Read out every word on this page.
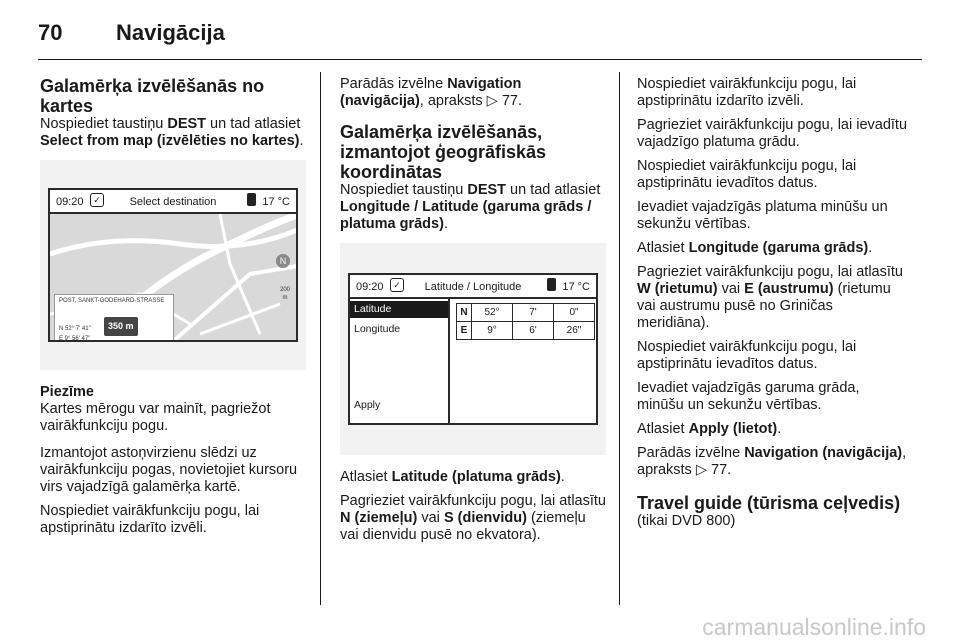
70 Navigācija
Galamērķa izvēlēšanās no kartes

Nospiediet taustiņu DEST un tad atlasiet Select from map (izvēlēties no kartes).

09:20	✓	Select destination	17 °C
N
POST, SANKT-GODEHARD-STRASSE
N 52° 7' 41"
E 9° 56' 47"
200
m
350 m
Piezīme
Kartes mērogu var mainīt, pagriežot vairākfunkciju pogu.

Izmantojot astoņvirzienu slēdzi uz vairākfunkciju pogas, novietojiet kursoru virs vajadzīgā galamērķa kartē.

Nospiediet vairākfunkciju pogu, lai apstiprinātu izdarīto izvēli.

Parādās izvēlne Navigation (navigācija), apraksts ▷ 77.

Galamērķa izvēlēšanās, izmantojot ģeogrāfiskās koordinātas

Nospiediet taustiņu DEST un tad atlasiet Longitude / Latitude (garuma grāds / platuma grāds).

09:20	✓	Latitude / Longitude	17 °C
Latitude
Longitude
Apply
N	52°	7'	0"
E	9°	6'	26"

Atlasiet Latitude (platuma grāds).

Pagrieziet vairākfunkciju pogu, lai atlasītu N (ziemeļu) vai S (dienvidu) (ziemeļu vai dienvidu pusē no ekvatora).

Nospiediet vairākfunkciju pogu, lai apstiprinātu izdarīto izvēli.

Pagrieziet vairākfunkciju pogu, lai ievadītu vajadzīgo platuma grādu.

Nospiediet vairākfunkciju pogu, lai apstiprinātu ievadītos datus.

Ievadiet vajadzīgās platuma minūšu un sekunžu vērtības.

Atlasiet Longitude (garuma grāds).

Pagrieziet vairākfunkciju pogu, lai atlasītu W (rietumu) vai E (austrumu) (rietumu vai austrumu pusē no Griničas meridiāna).

Nospiediet vairākfunkciju pogu, lai apstiprinātu ievadītos datus.

Ievadiet vajadzīgās garuma grāda, minūšu un sekunžu vērtības.

Atlasiet Apply (lietot).

Parādās izvēlne Navigation (navigācija), apraksts ▷ 77.

Travel guide (tūrisma ceļvedis)

(tikai DVD 800)

carmanualsonline.info
